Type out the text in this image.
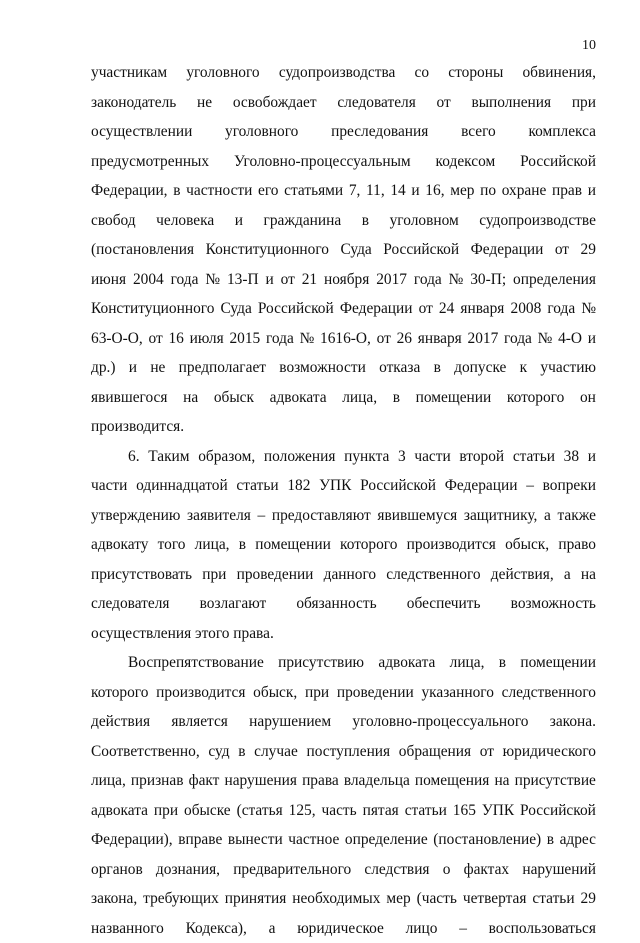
10
участникам уголовного судопроизводства со стороны обвинения,
законодатель не освобождает следователя от выполнения при
осуществлении уголовного преследования всего комплекса
предусмотренных Уголовно-процессуальным кодексом Российской
Федерации, в частности его статьями 7, 11, 14 и 16, мер по охране прав и
свобод человека и гражданина в уголовном судопроизводстве
(постановления Конституционного Суда Российской Федерации от 29
июня 2004 года № 13-П и от 21 ноября 2017 года № 30-П; определения
Конституционного Суда Российской Федерации от 24 января 2008 года №
63-О-О, от 16 июля 2015 года № 1616-О, от 26 января 2017 года № 4-О и
др.) и не предполагает возможности отказа в допуске к участию
явившегося на обыск адвоката лица, в помещении которого он
производится.
6. Таким образом, положения пункта 3 части второй статьи 38 и
части одиннадцатой статьи 182 УПК Российской Федерации – вопреки
утверждению заявителя – предоставляют явившемуся защитнику, а также
адвокату того лица, в помещении которого производится обыск, право
присутствовать при проведении данного следственного действия, а на
следователя возлагают обязанность обеспечить возможность
осуществления этого права.
Воспрепятствование присутствию адвоката лица, в помещении
которого производится обыск, при проведении указанного следственного
действия является нарушением уголовно-процессуального закона.
Соответственно, суд в случае поступления обращения от юридического
лица, признав факт нарушения права владельца помещения на присутствие
адвоката при обыске (статья 125, часть пятая статьи 165 УПК Российской
Федерации), вправе вынести частное определение (постановление) в адрес
органов дознания, предварительного следствия о фактах нарушений
закона, требующих принятия необходимых мер (часть четвертая статьи 29
названного Кодекса), а юридическое лицо – воспользоваться
